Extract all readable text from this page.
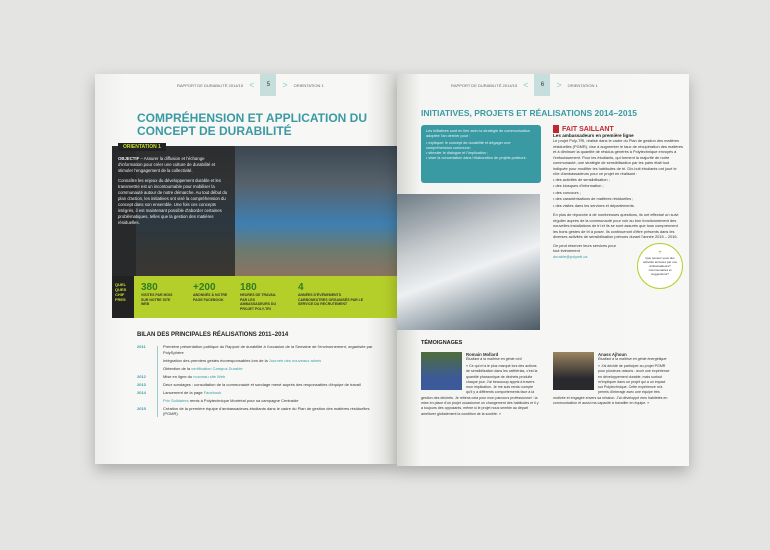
RAPPORT DE DURABILITÉ 2014/15 <	5	> ORIENTATION 1
COMPRÉHENSION ET APPLICATION DU CONCEPT DE DURABILITÉ
OBJECTIF – Assurer la diffusion et l'échange d'information pour créer une culture de durabilité et stimuler l'engagement de la collectivité.
Connaître les enjeux du développement durable et les transmettre est un incontournable pour mobiliser la communauté autour de notre démarche. Au tout début du plan d'action, les initiatives ont visé la compréhension du concept dans son ensemble. Une fois ces concepts intégrés, il est maintenant possible d'aborder certaines problématiques, telles que la gestion des matières résiduelles.
ORIENTATION 1
QUEL QUES CHIF FRES
380
VISITES PAR MOIS SUR NOTRE SITE WEB
+200
ABONNÉS À NOTRE PAGE FACEBOOK
180
HEURES DE TRAVAIL PAR LES AMBASSADEURS DU PROJET POLY-TRI
4
ANNÉES D'ÉVÉNEMENTS CARBONEUTRES ORGANISÉS PAR LE SERVICE DU RECRUTEMENT
BILAN DES PRINCIPALES RÉALISATIONS 2011–2014
2011	Première présentation publique du Rapport de durabilité à l'occasion de la Semaine de l'environnement, organisée par PolySphère
Intégration des premiers gestes écoresponsables lors de la Journée des nouveaux admis
Obtention de la certification Campus Durable
2012	Mise en ligne du nouveau site Web
2013	Deux sondages : consultation de la communauté et sondage mené auprès des responsables d'équipe de travail
2014	Lancement de la page Facebook
Prix Solidaires remis à Polytechnique Montréal pour sa campagne Centraide
2015	Création de la première équipe d'ambassadeurs-étudiants dans le cadre du Plan de gestion des matières résiduelles (PGMR)
RAPPORT DE DURABILITÉ 2014/15 <	6	> ORIENTATION 1
INITIATIVES, PROJETS ET RÉALISATIONS 2014–2015
Les initiatives sont en lien avec la stratégie de communication adoptée l'an dernier pour :
• expliquer le concept de durabilité et dégager une compréhension commune;
• stimuler le dialogue et l'implication ;
• viser la concertation dans l'élaboration de projets porteurs.
FAIT SAILLANT
Les ambassadeurs en première ligne
Le projet Poly-TRI, réalisé dans le cadre du Plan de gestion des matières résiduelles (PGMR), vise à augmenter le taux de récupération des matières et à diminuer la quantité de résidus générés à Polytechnique envoyés à l'enfouissement. Pour les étudiants, qui forment la majorité de notre communauté, une stratégie de sensibilisation par les pairs était tout indiquée pour modifier les habitudes de tri. Dix-huit étudiants ont joué le rôle d'ambassadeurs pour ce projet en réalisant :
• des activités de sensibilisation ;
• des kiosques d'information ;
• des concours ;
• des caractérisations de matières résiduelles ;
• des visites dans les services et départements.
En plus de répondre à de nombreuses questions, ils ont effectué un suivi régulier auprès de la communauté pour voir au bon fonctionnement des nouvelles installations de tri et ils se sont assurés que tous comprennent les bons gestes de tri à poser. Ils continueront d'être présents dans les diverses activités de sensibilisation prévues durant l'année 2015 – 2016.
On peut réserver leurs services pour tout événement
durable@polymtl.ca
+
Que pensez-vous des activités animées par nos ambassadeurs? Commentaires et suggestions?
TÉMOIGNAGES
Romain Mollard
Étudiant à la maîtrise en génie civil
« Ce qui m'a le plus marqué lors des actions de sensibilisation dans les cafétérias, c'est la quantité pharaonique de déchets produite chaque jour. J'ai beaucoup appris à travers mon implication. Je me suis rendu compte qu'il y a différents comportements face à la gestion des déchets. Je retiens cela pour mon parcours professionnel : la mise en place d'un projet occasionne un changement des habitudes et il y a toujours des opposants, même si le projet nous semble au départ améliorer globalement la condition de la société. »
Anass Ajhoun
Étudiant à la maîtrise en génie énergétique
« J'ai décidé de participer au projet PGMR pour plusieurs raisons : avoir une expérience en développement durable, mais surtout m'impliquer dans un projet qui a un impact sur Polytechnique. Cette expérience m'a permis d'interagir avec une équipe très motivée et engagée envers sa mission. J'ai développé mes habiletés en communication et aussi ma capacité à travailler en équipe. »
